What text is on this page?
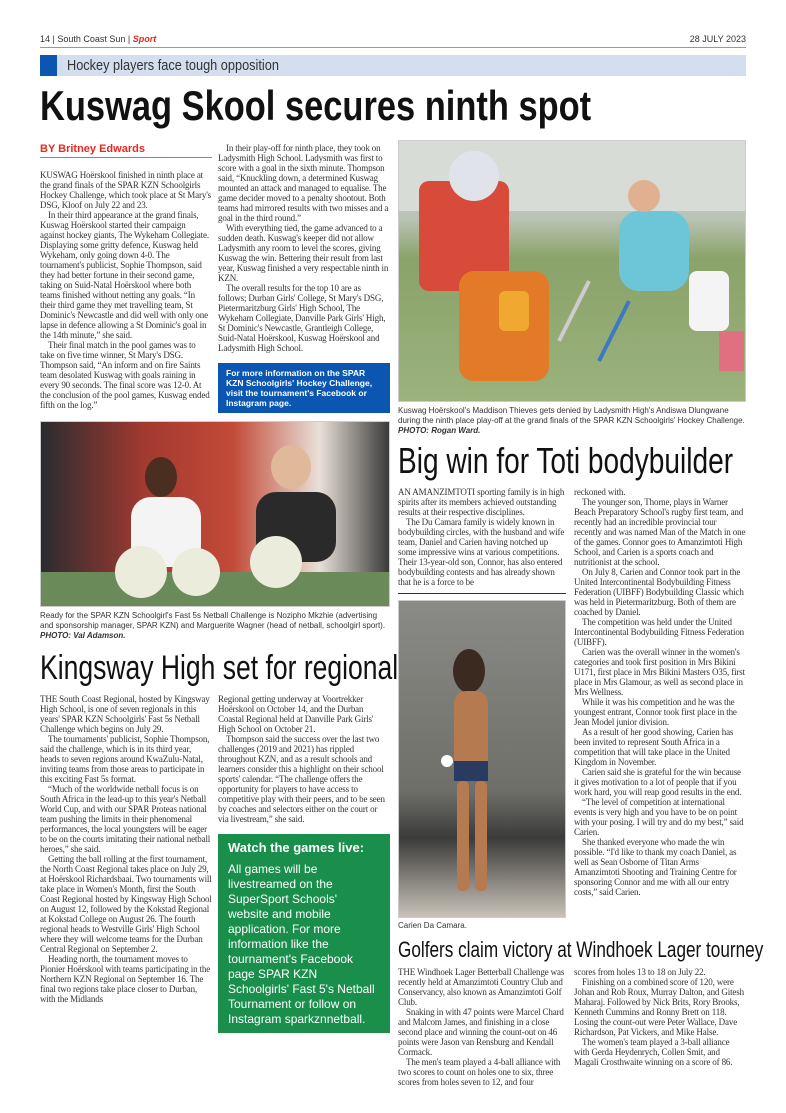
14 | South Coast Sun | Sport	28 JULY 2023
Hockey players face tough opposition
Kuswag Skool secures ninth spot
BY Britney Edwards

KUSWAG Hoërskool finished in ninth place at the grand finals of the SPAR KZN Schoolgirls Hockey Challenge, which took place at St Mary's DSG, Kloof on July 22 and 23.

In their third appearance at the grand finals, Kuswag Hoërskool started their campaign against hockey giants, The Wykeham Collegiate. Displaying some gritty defence, Kuswag held Wykeham, only going down 4-0. The tournament's publicist, Sophie Thompson, said they had better fortune in their second game, taking on Suid-Natal Hoërskool where both teams finished without netting any goals. “In their third game they met travelling team, St Dominic's Newcastle and did well with only one lapse in defence allowing a St Dominic's goal in the 14th minute,” she said.

Their final match in the pool games was to take on five time winner, St Mary's DSG. Thompson said, “An inform and on fire Saints team desolated Kuswag with goals raining in every 90 seconds. The final score was 12-0. At the conclusion of the pool games, Kuswag ended fifth on the log.”

In their play-off for ninth place, they took on Ladysmith High School. Ladysmith was first to score with a goal in the sixth minute. Thompson said, “Knuckling down, a determined Kuswag mounted an attack and managed to equalise. The game decider moved to a penalty shootout. Both teams had mirrored results with two misses and a goal in the third round.”

With everything tied, the game advanced to a sudden death. Kuswag's keeper did not allow Ladysmith any room to level the scores, giving Kuswag the win. Bettering their result from last year, Kuswag finished a very respectable ninth in KZN.

The overall results for the top 10 are as follows; Durban Girls' College, St Mary's DSG, Pietermaritzburg Girls' High School, The Wykeham Collegiate, Danville Park Girls' High, St Dominic's Newcastle, Grantleigh College, Suid-Natal Hoërskool, Kuswag Hoërskool and Ladysmith High School.

For more information on the SPAR KZN Schoolgirls' Hockey Challenge, visit the tournament's Facebook or Instagram page.
Ready for the SPAR KZN Schoolgirl's Fast 5s Netball Challenge is Nozipho Mkzhie (advertising and sponsorship manager, SPAR KZN) and Marguerite Wagner (head of netball, schoolgirl sport). PHOTO: Val Adamson.
Kingsway High set for regional

THE South Coast Regional, hosted by Kingsway High School, is one of seven regionals in this years' SPAR KZN Schoolgirls' Fast 5s Netball Challenge which begins on July 29.

The tournaments' publicist, Sophie Thompson, said the challenge, which is in its third year, heads to seven regions around KwaZulu-Natal, inviting teams from those areas to participate in this exciting Fast 5s format.

“Much of the worldwide netball focus is on South Africa in the lead-up to this year's Netball World Cup, and with our SPAR Proteas national team pushing the limits in their phenomenal performances, the local youngsters will be eager to be on the courts imitating their national netball heroes,” she said.

Getting the ball rolling at the first tournament, the North Coast Regional takes place on July 29, at Hoërskool Richardsbaai. Two tournaments will take place in Women's Month, first the South Coast Regional hosted by Kingsway High School on August 12, followed by the Kokstad Regional at Kokstad College on August 26. The fourth regional heads to Westville Girls' High School where they will welcome teams for the Durban Central Regional on September 2.

Heading north, the tournament moves to Pionier Hoërskool with teams participating in the Northern KZN Regional on September 16. The final two regions take place closer to Durban, with the Midlands

Regional getting underway at Voortrekker Hoërskool on October 14, and the Durban Coastal Regional held at Danville Park Girls' High School on October 21.

Thompson said the success over the last two challenges (2019 and 2021) has rippled throughout KZN, and as a result schools and learners consider this a highlight on their school sports' calendar. “The challenge offers the opportunity for players to have access to competitive play with their peers, and to be seen by coaches and selectors either on the court or via livestream,” she said.

Watch the games live:
All games will be livestreamed on the SuperSport Schools' website and mobile application. For more information like the tournament's Facebook page SPAR KZN Schoolgirls' Fast 5's Netball Tournament or follow on Instagram sparkznnetball.
Kuswag Hoërskool's Maddison Thieves gets denied by Ladysmith High's Andiswa Dlungwane during the ninth place play-off at the grand finals of the SPAR KZN Schoolgirls' Hockey Challenge. PHOTO: Rogan Ward.
Big win for Toti bodybuilder

AN AMANZIMTOTI sporting family is in high spirits after its members achieved outstanding results at their respective disciplines.

The Du Camara family is widely known in bodybuilding circles, with the husband and wife team, Daniel and Carien having notched up some impressive wins at various competitions. Their 13-year-old son, Connor, has also entered bodybuilding contests and has already shown that he is a force to be

Carien Da Camara.

reckoned with.

The younger son, Thorne, plays in Warner Beach Preparatory School's rugby first team, and recently had an incredible provincial tour recently and was named Man of the Match in one of the games. Connor goes to Amanzimtoti High School, and Carien is a sports coach and nutritionist at the school.

On July 8, Carien and Connor took part in the United Intercontinental Bodybuilding Fitness Federation (UIBFF) Bodybuilding Classic which was held in Pietermaritzburg. Both of them are coached by Daniel.

The competition was held under the United Intercontinental Bodybuilding Fitness Federation (UIBFF).

Carien was the overall winner in the women's categories and took first position in Mrs Bikini U171, first place in Mrs Bikini Masters O35, first place in Mrs Glamour, as well as second place in Mrs Wellness.

While it was his competition and he was the youngest entrant, Connor took first place in the Jean Model junior division.

As a result of her good showing, Carien has been invited to represent South Africa in a competition that will take place in the United Kingdom in November.

Carien said she is grateful for the win because it gives motivation to a lot of people that if you work hard, you will reap good results in the end.

“The level of competition at international events is very high and you have to be on point with your posing. I will try and do my best,” said Carien.

She thanked everyone who made the win possible. “I'd like to thank my coach Daniel, as well as Sean Osborne of Titan Arms Amanzimtoti Shooting and Training Centre for sponsoring Connor and me with all our entry costs,” said Carien.

Golfers claim victory at Windhoek Lager tourney

THE Windhoek Lager Betterball Challenge was recently held at Amanzimtoti Country Club and Conservancy, also known as Amanzimtoti Golf Club.

Snaking in with 47 points were Marcel Chard and Malcom James, and finishing in a close second place and winning the count-out on 46 points were Jason van Rensburg and Kendall Cormack.

The men's team played a 4-ball alliance with two scores to count on holes one to six, three scores from holes seven to 12, and four

scores from holes 13 to 18 on July 22.

Finishing on a combined score of 120, were Johan and Rob Roux, Murray Dalton, and Gitesh Maharaj. Followed by Nick Brits, Rory Brooks, Kenneth Cummins and Ronny Brett on 118. Losing the count-out were Peter Wallace, Dave Richardson, Pat Vickers, and Mike Halse.

The women's team played a 3-ball alliance with Gerda Heydenrych, Collen Smit, and Magali Crosthwaite winning on a score of 86.
